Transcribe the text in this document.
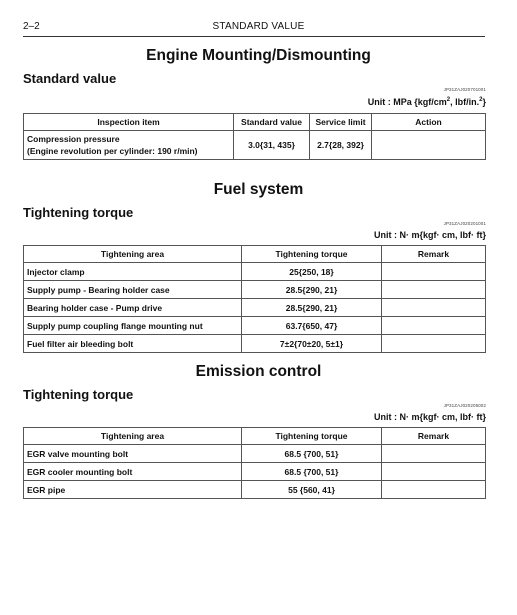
2–2	STANDARD VALUE
Engine Mounting/Dismounting
Standard value
JP31ZAJ020701001
Unit : MPa {$kgf/cm^2$, lbf/in.$^2$}
Inspection item	Standard value	Service limit	Action

Compression pressure
(Engine revolution per cylinder: 190 r/min)	3.0{31, 435}	2.7{28, 392}	
Fuel system
Tightening torque
JP31ZAJ020201001
Unit : N· m{kgf· cm, lbf· ft}
Tightening area	Tightening torque	Remark
Injector clamp	25{250, 18}	
Supply pump - Bearing holder case	28.5{290, 21}	
Bearing holder case - Pump drive	28.5{290, 21}	
Supply pump coupling flange mounting nut	63.7{650, 47}	
Fuel filter air bleeding bolt	7±2{70±20, 5±1}	
Emission control
Tightening torque
JP31ZAJ020205002
Unit : N· m{kgf· cm, lbf· ft}
Tightening area	Tightening torque	Remark
EGR valve mounting bolt	68.5 {700, 51}	
EGR cooler mounting bolt	68.5 {700, 51}	
EGR pipe	55 {560, 41}	
